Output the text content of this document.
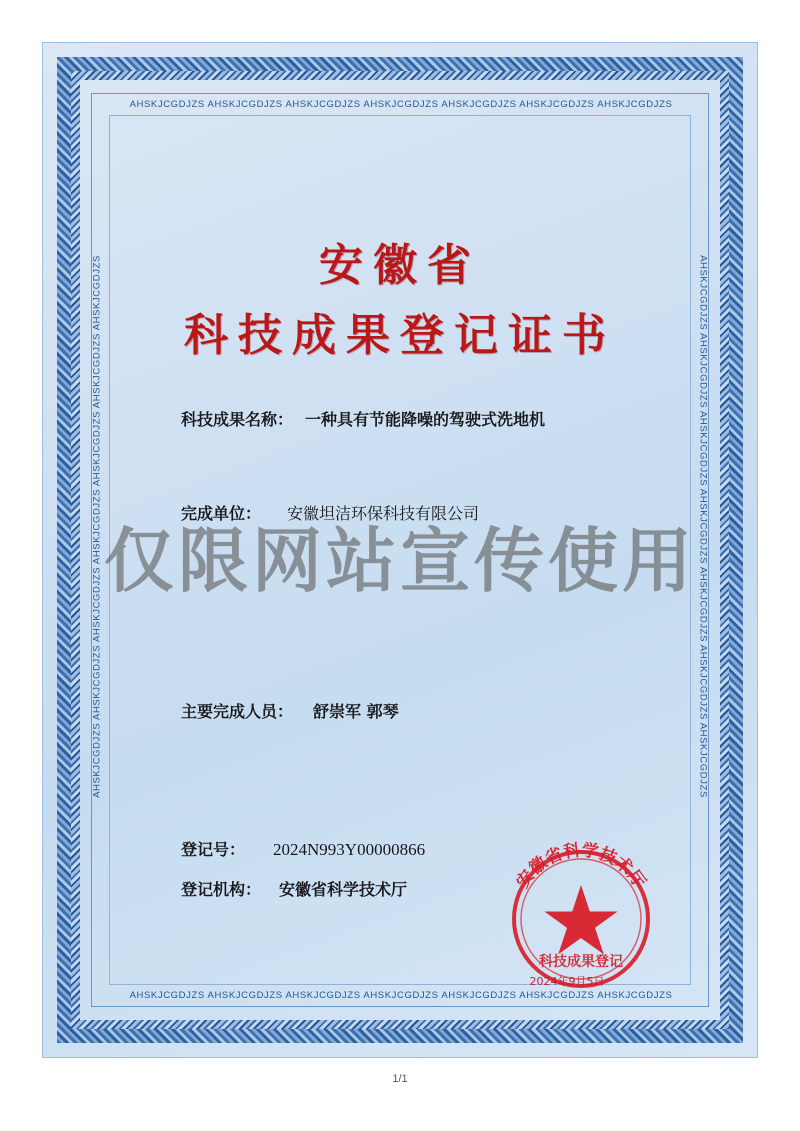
AHSKJCGDJZS AHSKJCGDJZS AHSKJCGDJZS AHSKJCGDJZS AHSKJCGDJZS AHSKJCGDJZS AHSKJCGDJZS
AHSKJCGDJZS AHSKJCGDJZS AHSKJCGDJZS AHSKJCGDJZS AHSKJCGDJZS AHSKJCGDJZS AHSKJCGDJZS
AHSKJCGDJZS AHSKJCGDJZS AHSKJCGDJZS AHSKJCGDJZS AHSKJCGDJZS AHSKJCGDJZS AHSKJCGDJZS	AHSKJCGDJZS AHSKJCGDJZS AHSKJCGDJZS AHSKJCGDJZS AHSKJCGDJZS AHSKJCGDJZS AHSKJCGDJZS
安徽省
科技成果登记证书
科技成果名称： 一种具有节能降噪的驾驶式洗地机
完成单位： 安徽坦洁环保科技有限公司
主要完成人员： 舒崇军 郭琴
登记号： 2024N993Y00000866
登记机构： 安徽省科学技术厅	安徽省科学技术厅
科技成果登记
2024年9月5日
仅限网站宣传使用
1/1
